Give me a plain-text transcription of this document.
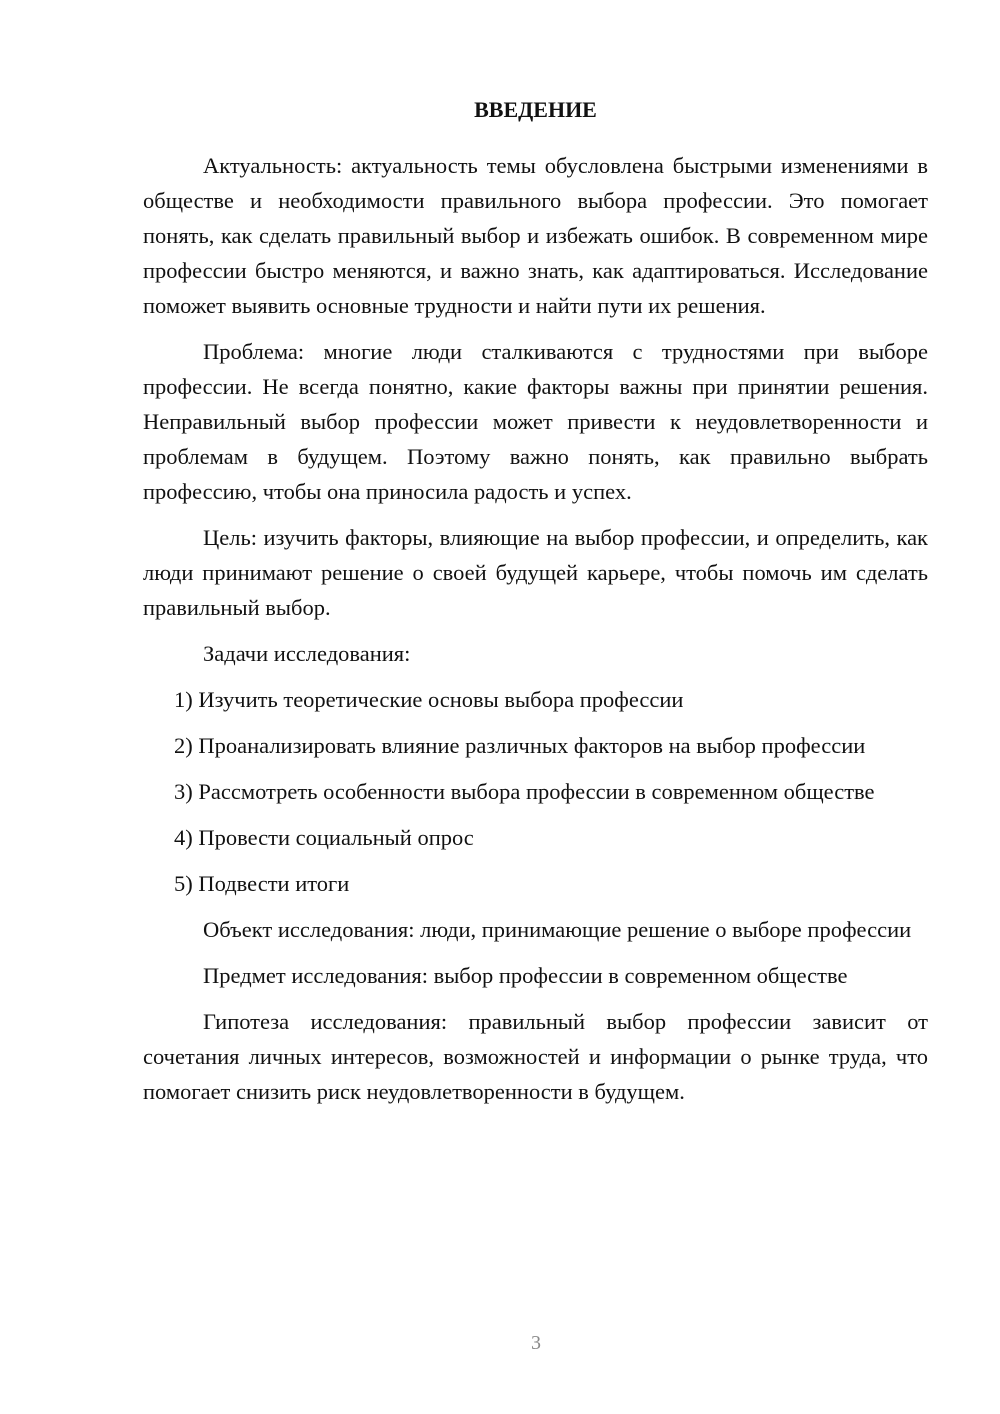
ВВЕДЕНИЕ

Актуальность: актуальность темы обусловлена быстрыми изменениями в обществе и необходимости правильного выбора профессии. Это помогает понять, как сделать правильный выбор и избежать ошибок. В современном мире профессии быстро меняются, и важно знать, как адаптироваться. Исследование поможет выявить основные трудности и найти пути их решения.

Проблема: многие люди сталкиваются с трудностями при выборе профессии. Не всегда понятно, какие факторы важны при принятии решения. Неправильный выбор профессии может привести к неудовлетворенности и проблемам в будущем. Поэтому важно понять, как правильно выбрать профессию, чтобы она приносила радость и успех.

Цель: изучить факторы, влияющие на выбор профессии, и определить, как люди принимают решение о своей будущей карьере, чтобы помочь им сделать правильный выбор.

Задачи исследования:

1) Изучить теоретические основы выбора профессии

2) Проанализировать влияние различных факторов на выбор профессии

3) Рассмотреть особенности выбора профессии в современном обществе

4) Провести социальный опрос

5) Подвести итоги

Объект исследования: люди, принимающие решение о выборе профессии

Предмет исследования: выбор профессии в современном обществе

Гипотеза исследования: правильный выбор профессии зависит от сочетания личных интересов, возможностей и информации о рынке труда, что помогает снизить риск неудовлетворенности в будущем.

3
